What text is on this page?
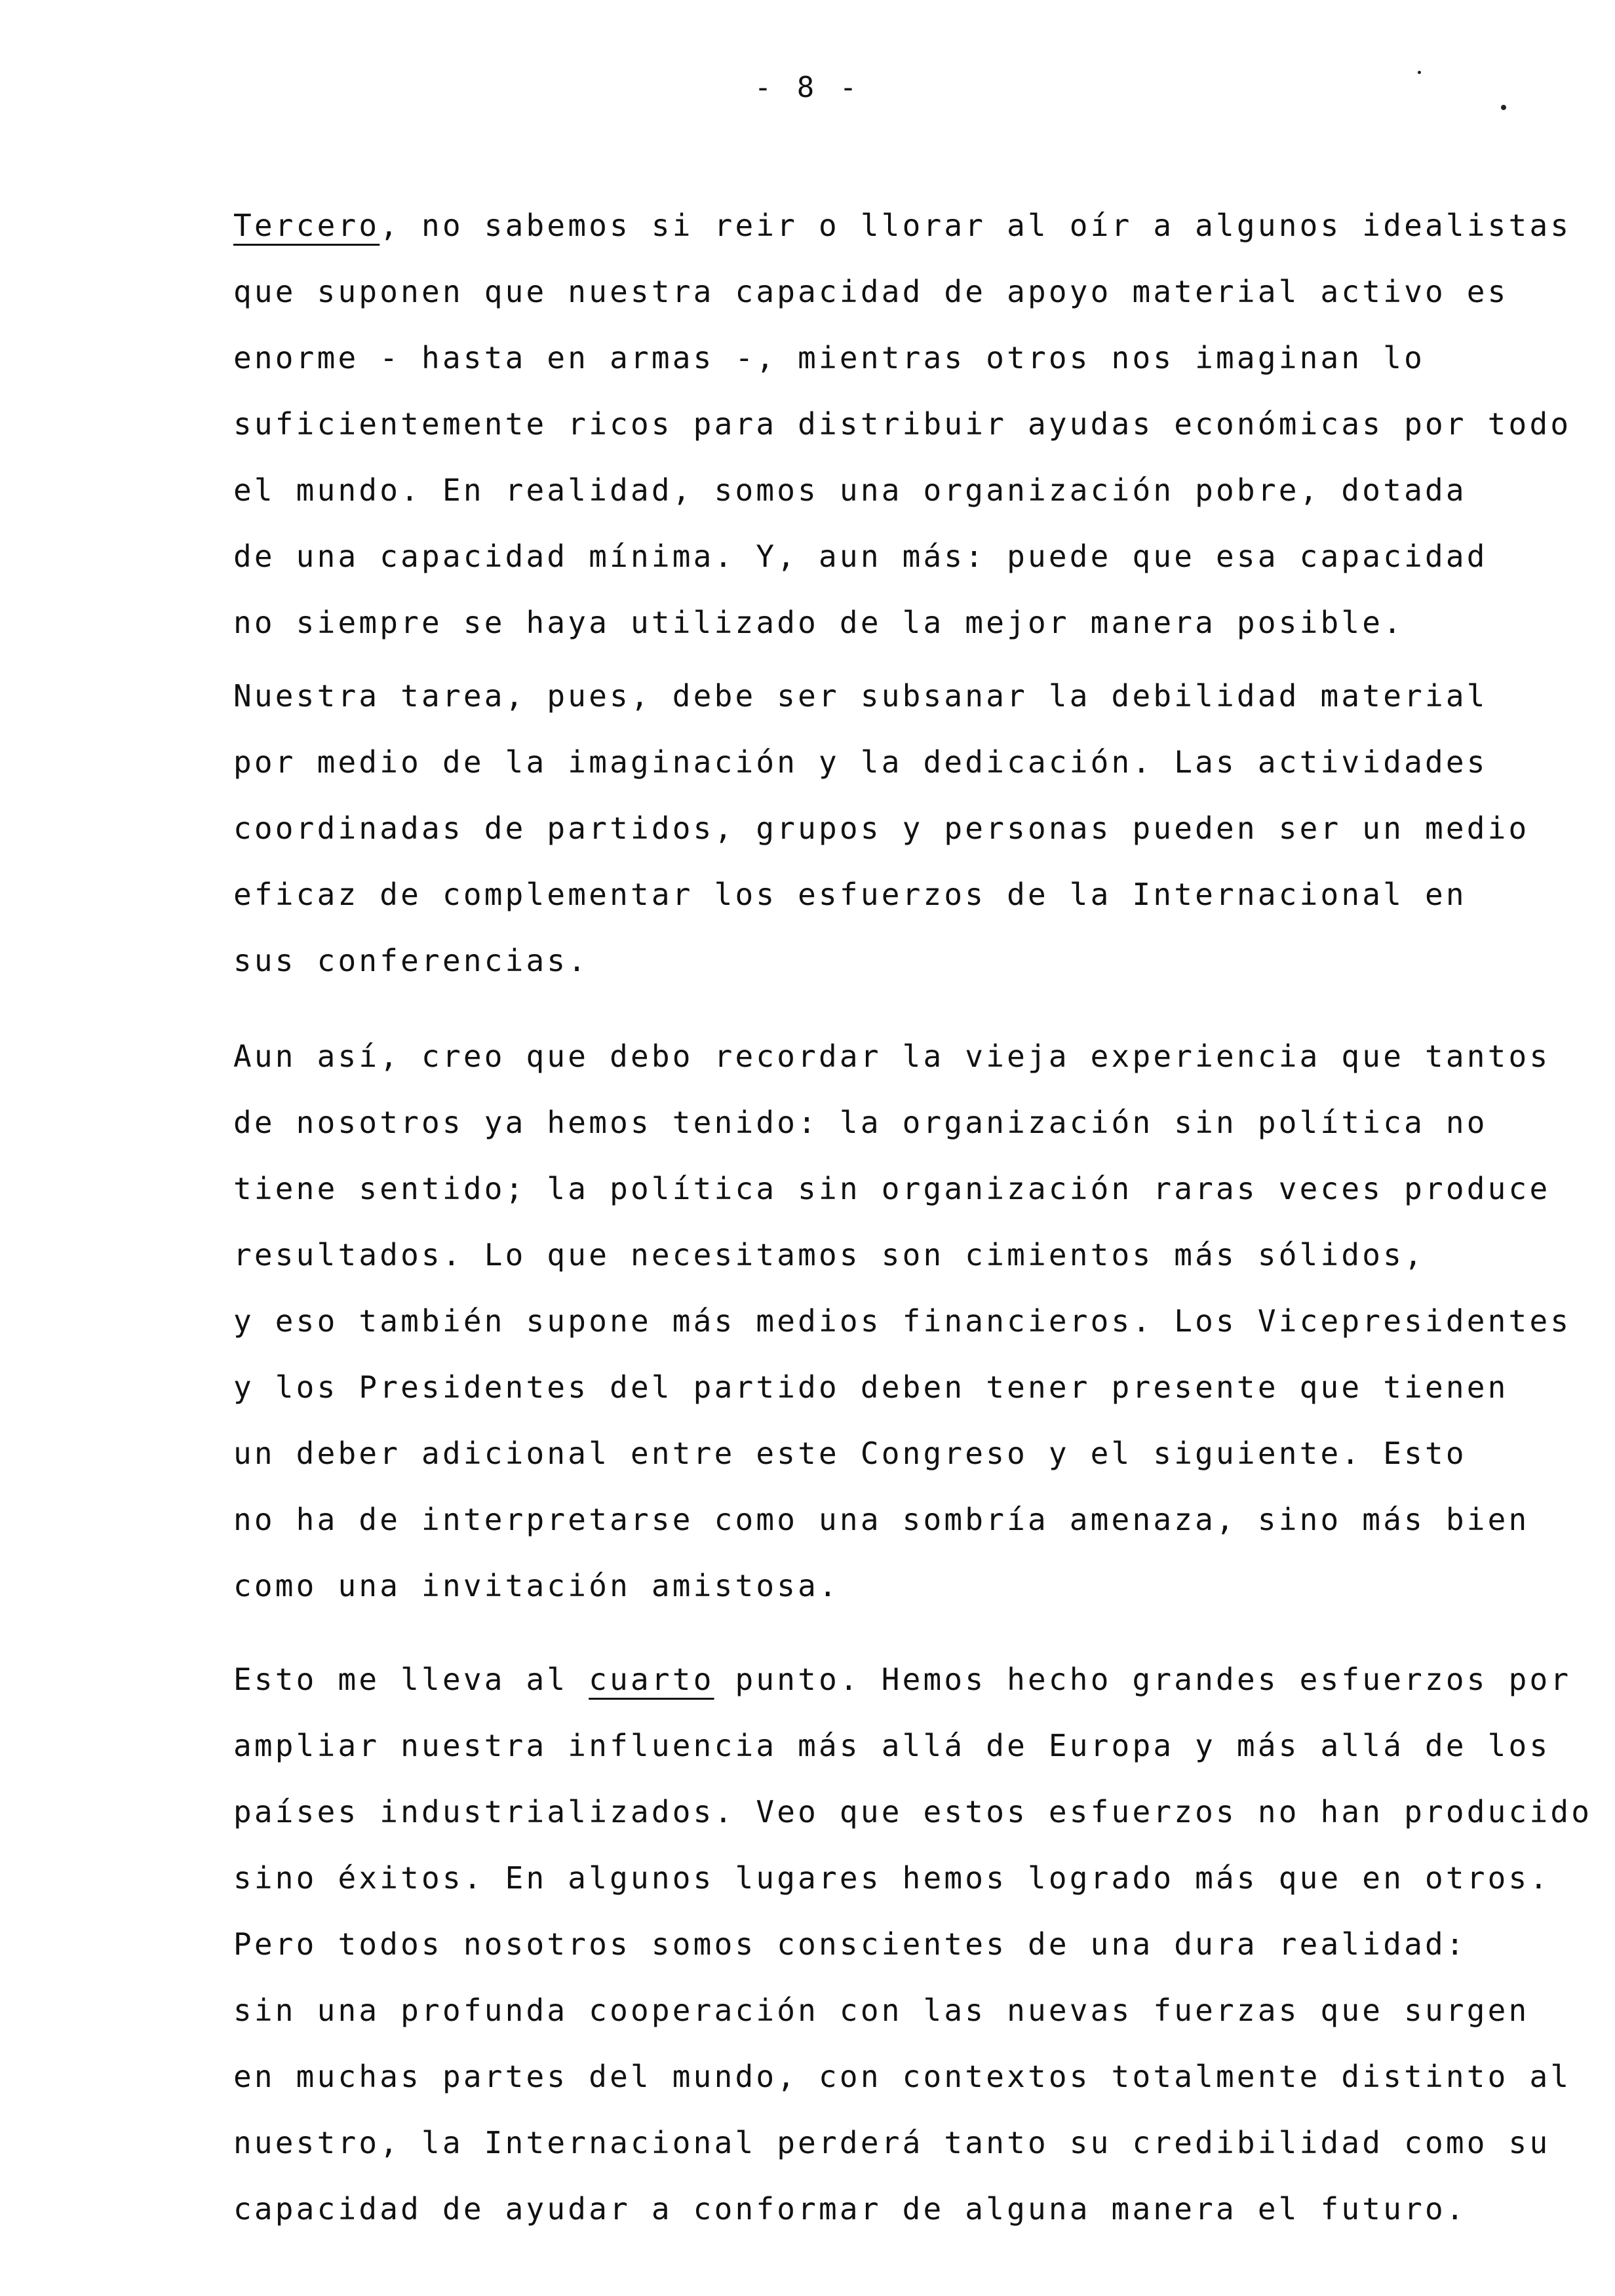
- 8 -
Tercero, no sabemos si reir o llorar al oír a algunos idealistas
que suponen que nuestra capacidad de apoyo material activo es
enorme - hasta en armas -, mientras otros nos imaginan lo
suficientemente ricos para distribuir ayudas económicas por todo
el mundo. En realidad, somos una organización pobre, dotada
de una capacidad mínima. Y, aun más: puede que esa capacidad
no siempre se haya utilizado de la mejor manera posible.
Nuestra tarea, pues, debe ser subsanar la debilidad material
por medio de la imaginación y la dedicación. Las actividades
coordinadas de partidos, grupos y personas pueden ser un medio
eficaz de complementar los esfuerzos de la Internacional en
sus conferencias.
Aun así, creo que debo recordar la vieja experiencia que tantos
de nosotros ya hemos tenido: la organización sin política no
tiene sentido; la política sin organización raras veces produce
resultados. Lo que necesitamos son cimientos más sólidos,
y eso también supone más medios financieros. Los Vicepresidentes
y los Presidentes del partido deben tener presente que tienen
un deber adicional entre este Congreso y el siguiente. Esto
no ha de interpretarse como una sombría amenaza, sino más bien
como una invitación amistosa.
Esto me lleva al cuarto punto. Hemos hecho grandes esfuerzos por
ampliar nuestra influencia más allá de Europa y más allá de los
países industrializados. Veo que estos esfuerzos no han producido
sino éxitos. En algunos lugares hemos logrado más que en otros.
Pero todos nosotros somos conscientes de una dura realidad:
sin una profunda cooperación con las nuevas fuerzas que surgen
en muchas partes del mundo, con contextos totalmente distinto al
nuestro, la Internacional perderá tanto su credibilidad como su
capacidad de ayudar a conformar de alguna manera el futuro.
